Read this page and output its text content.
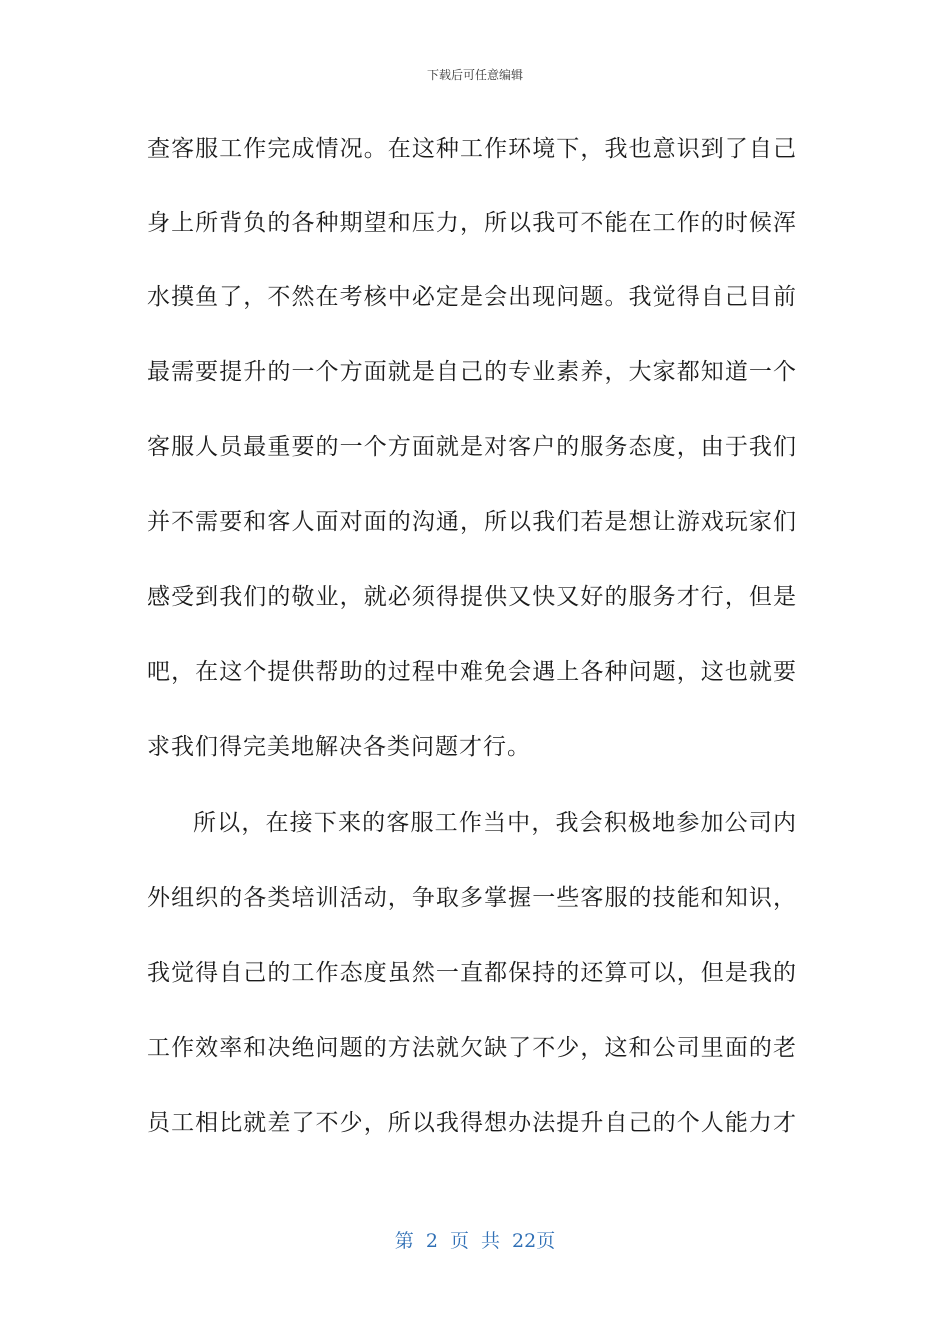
下载后可任意编辑
查客服工作完成情况。在这种工作环境下，我也意识到了自己
身上所背负的各种期望和压力，所以我可不能在工作的时候浑
水摸鱼了，不然在考核中必定是会出现问题。我觉得自己目前
最需要提升的一个方面就是自己的专业素养，大家都知道一个
客服人员最重要的一个方面就是对客户的服务态度，由于我们
并不需要和客人面对面的沟通，所以我们若是想让游戏玩家们
感受到我们的敬业，就必须得提供又快又好的服务才行，但是
吧，在这个提供帮助的过程中难免会遇上各种问题，这也就要
求我们得完美地解决各类问题才行。
所以，在接下来的客服工作当中，我会积极地参加公司内
外组织的各类培训活动，争取多掌握一些客服的技能和知识，
我觉得自己的工作态度虽然一直都保持的还算可以，但是我的
工作效率和决绝问题的方法就欠缺了不少，这和公司里面的老
员工相比就差了不少，所以我得想办法提升自己的个人能力才
第 2 页 共 22页
